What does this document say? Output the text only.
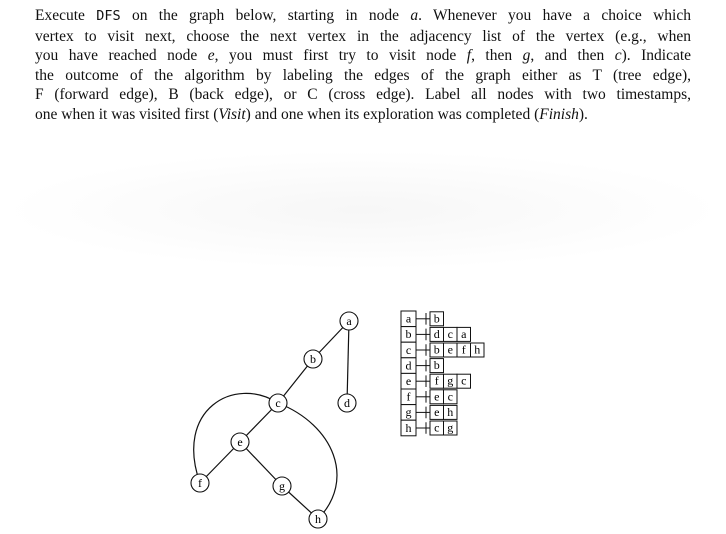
Execute DFS on the graph below, starting in node a. Whenever you have a choice which
vertex to visit next, choose the next vertex in the adjacency list of the vertex (e.g., when
you have reached node e, you must first try to visit node f, then g, and then c). Indicate
the outcome of the algorithm by labeling the edges of the graph either as T (tree edge),
F (forward edge), B (back edge), or C (cross edge). Label all nodes with two timestamps,
one when it was visited first (Visit) and one when its exploration was completed (Finish).

a
b
c	d
e
f	g
h
a b
b d c a
c b e f h
d b
e f g c
f e c
g e h
h c g
